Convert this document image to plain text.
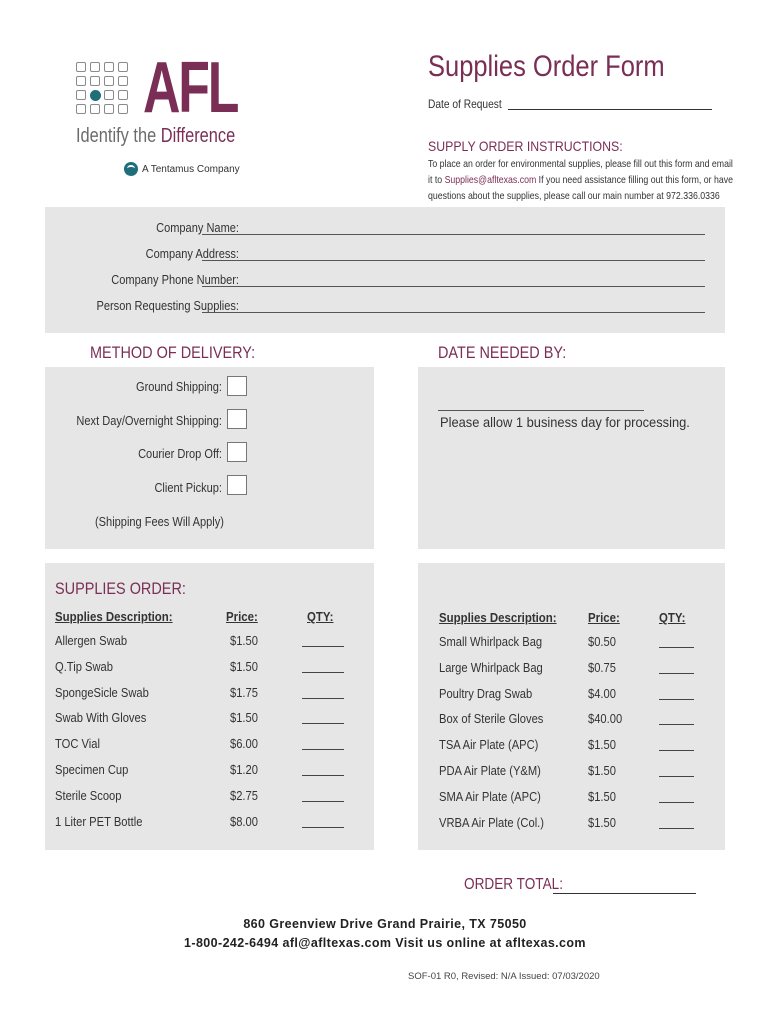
AFL
Identify the Difference
A Tentamus Company
Supplies Order Form
Date of Request
SUPPLY ORDER INSTRUCTIONS:
To place an order for environmental supplies, please fill out this form and email it to Supplies@afltexas.com If you need assistance filling out this form, or have questions about the supplies, please call our main number at 972.336.0336
Company Name:
Company Address:
Company Phone Number:
Person Requesting Supplies:
METHOD OF DELIVERY:	DATE NEEDED BY:
Ground Shipping:
Next Day/Overnight Shipping:
Courier Drop Off:
Client Pickup:
(Shipping Fees Will Apply)
Please allow 1 business day for processing.
SUPPLIES ORDER:
Supplies Description:	Price:	QTY:
Allergen Swab	$1.50
Q.Tip Swab	$1.50
SpongeSicle Swab	$1.75
Swab With Gloves	$1.50
TOC Vial	$6.00
Specimen Cup	$1.20
Sterile Scoop	$2.75
1 Liter PET Bottle	$8.00
Supplies Description: Price:	QTY:
Small Whirlpack Bag	$0.50
Large Whirlpack Bag	$0.75
Poultry Drag Swab	$4.00
Box of Sterile Gloves	$40.00
TSA Air Plate (APC)	$1.50
PDA Air Plate (Y&M)	$1.50
SMA Air Plate (APC)	$1.50
VRBA Air Plate (Col.)	$1.50
ORDER TOTAL:
860 Greenview Drive Grand Prairie, TX 75050
1-800-242-6494 afl@afltexas.com Visit us online at afltexas.com
SOF-01 R0, Revised: N/A Issued: 07/03/2020
